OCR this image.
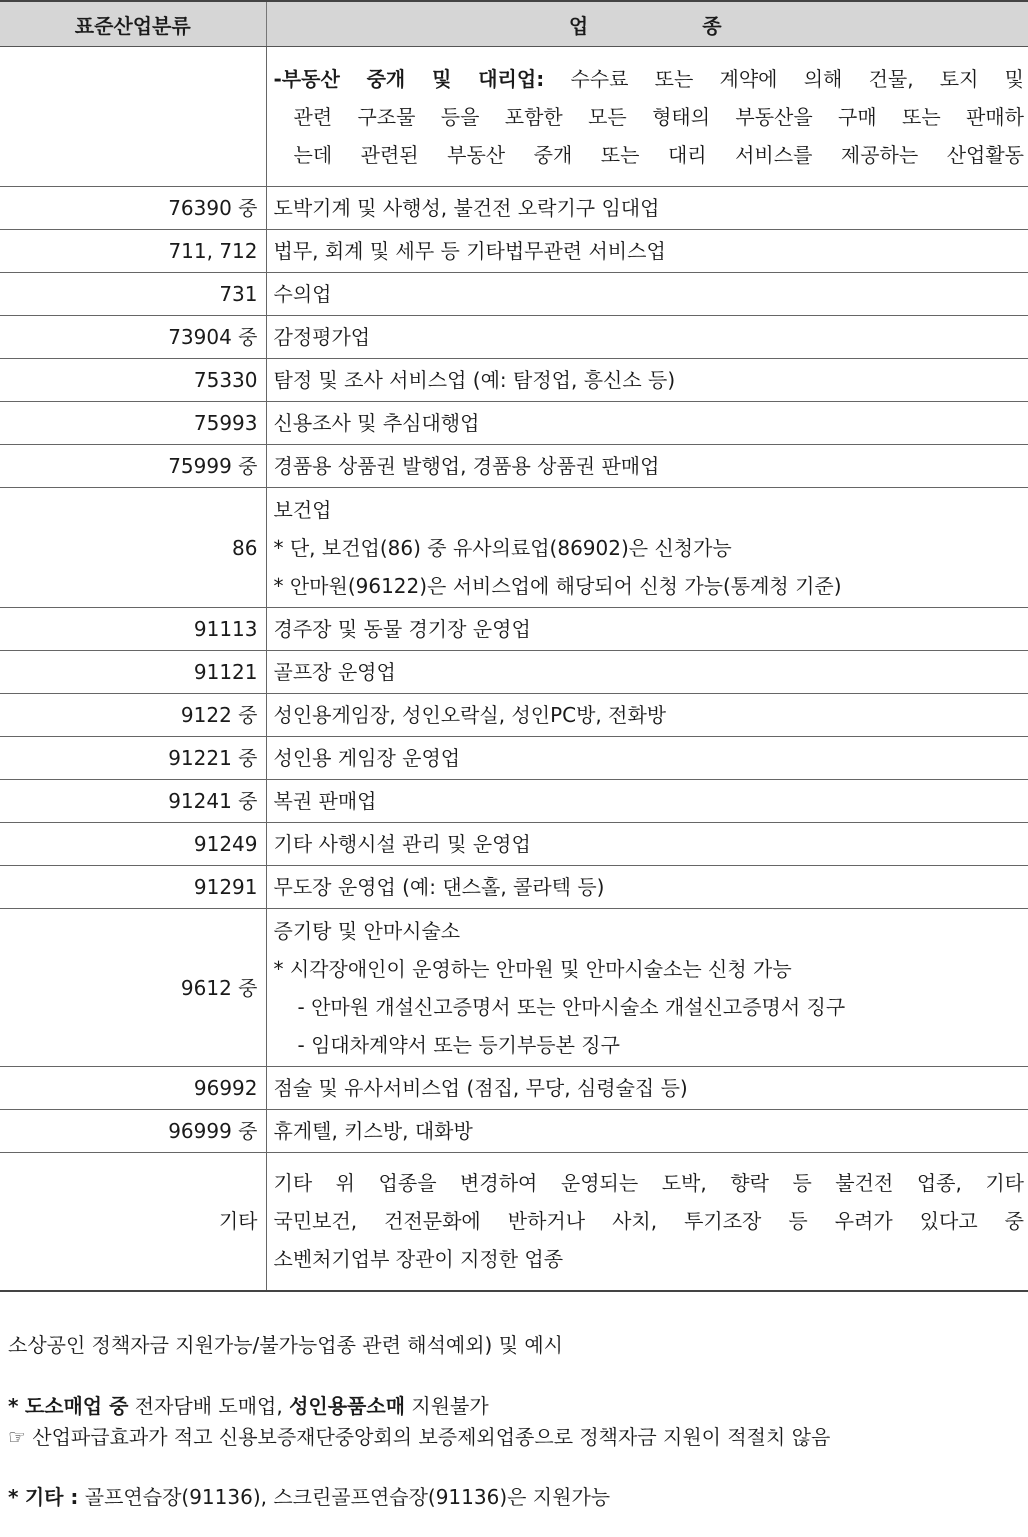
표준산업분류	업 종

	-부동산 중개 및 대리업: 수수료 또는 계약에 의해 건물, 토지 및
관련 구조물 등을 포함한 모든 형태의 부동산을 구매 또는 판매하
는데 관련된 부동산 중개 또는 대리 서비스를 제공하는 산업활동

76390 중	도박기계 및 사행성, 불건전 오락기구 임대업
711, 712	법무, 회계 및 세무 등 기타법무관련 서비스업
731	수의업
73904 중	감정평가업
75330	탐정 및 조사 서비스업 (예: 탐정업, 흥신소 등)
75993	신용조사 및 추심대행업
75999 중	경품용 상품권 발행업, 경품용 상품권 판매업
86	보건업
* 단, 보건업(86) 중 유사의료업(86902)은 신청가능
* 안마원(96122)은 서비스업에 해당되어 신청 가능(통계청 기준)

91113	경주장 및 동물 경기장 운영업
91121	골프장 운영업
9122 중	성인용게임장, 성인오락실, 성인PC방, 전화방
91221 중	성인용 게임장 운영업
91241 중	복권 판매업
91249	기타 사행시설 관리 및 운영업
91291	무도장 운영업 (예: 댄스홀, 콜라텍 등)
9612 중	증기탕 및 안마시술소
* 시각장애인이 운영하는 안마원 및 안마시술소는 신청 가능
- 안마원 개설신고증명서 또는 안마시술소 개설신고증명서 징구
- 임대차계약서 또는 등기부등본 징구

96992	점술 및 유사서비스업 (점집, 무당, 심령술집 등)
96999 중	휴게텔, 키스방, 대화방
기타	기타 위 업종을 변경하여 운영되는 도박, 향락 등 불건전 업종, 기타
국민보건, 건전문화에 반하거나 사치, 투기조장 등 우려가 있다고 중
소벤처기업부 장관이 지정한 업종
소상공인 정책자금 지원가능/불가능업종 관련 해석예외) 및 예시
* 도소매업 중 전자담배 도매업, 성인용품소매 지원불가
☞ 산업파급효과가 적고 신용보증재단중앙회의 보증제외업종으로 정책자금 지원이 적절치 않음
* 기타 : 골프연습장(91136), 스크린골프연습장(91136)은 지원가능
